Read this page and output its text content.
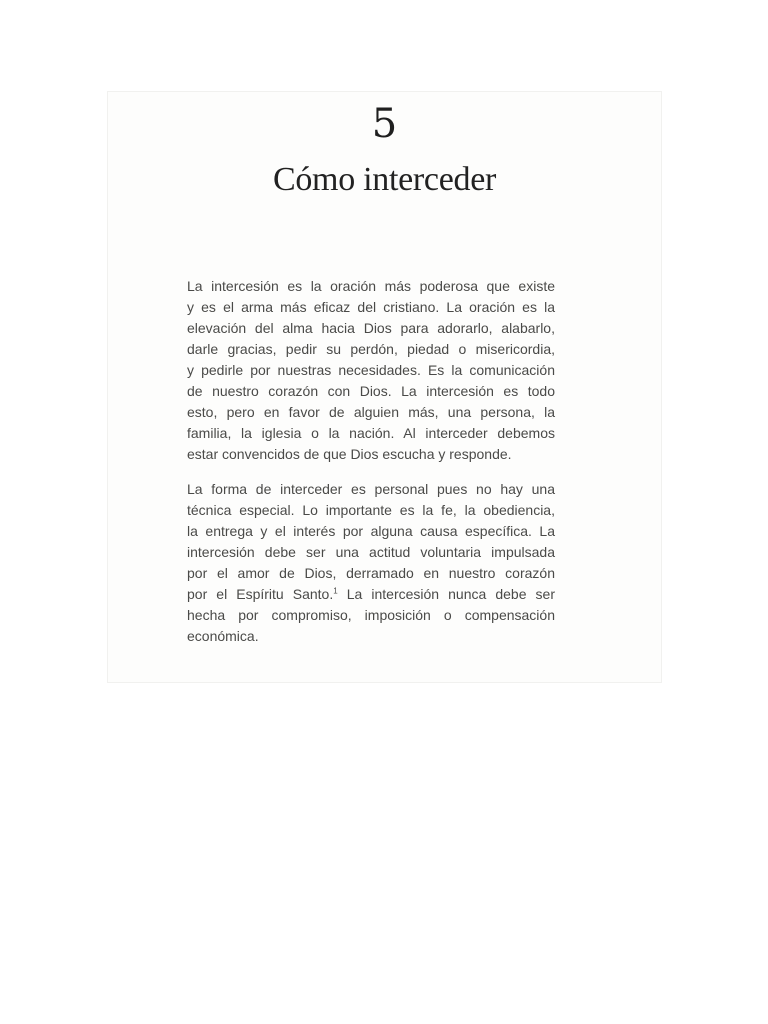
5
Cómo interceder

La intercesión es la oración más poderosa que existe
y es el arma más eficaz del cristiano. La oración es la
elevación del alma hacia Dios para adorarlo, alabarlo,
darle gracias, pedir su perdón, piedad o misericordia,
y pedirle por nuestras necesidades. Es la comunicación
de nuestro corazón con Dios. La intercesión es todo
esto, pero en favor de alguien más, una persona, la
familia, la iglesia o la nación. Al interceder debemos
estar convencidos de que Dios escucha y responde.

La forma de interceder es personal pues no hay una
técnica especial. Lo importante es la fe, la obediencia,
la entrega y el interés por alguna causa específica. La
intercesión debe ser una actitud voluntaria impulsada
por el amor de Dios, derramado en nuestro corazón
por el Espíritu Santo.$^1$ La intercesión nunca debe ser
hecha por compromiso, imposición o compensación
económica.
